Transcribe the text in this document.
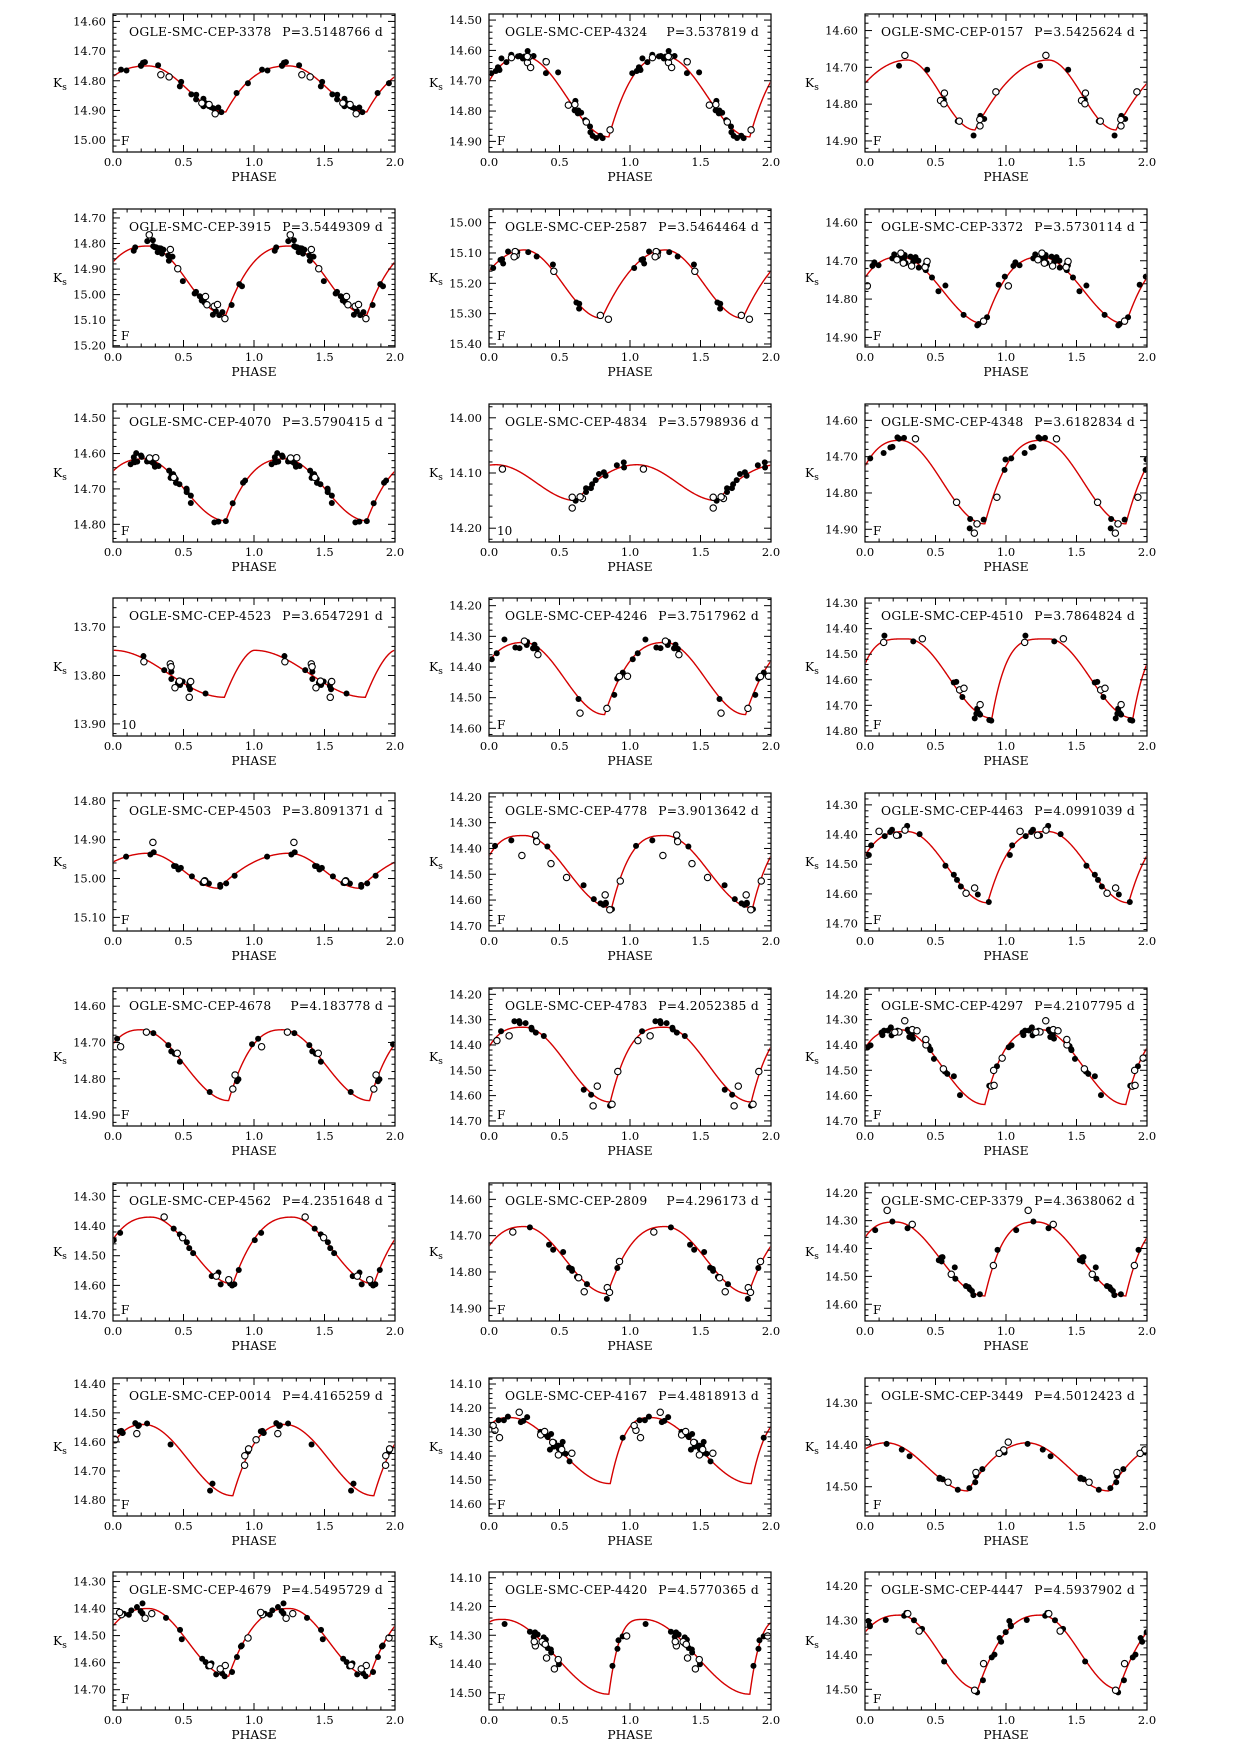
0.0	0.5	1.0	1.5	2.0
14.60
14.70
14.80
14.90
15.00
PHASE
$K_s$
OGLE-SMC-CEP-3378 P=3.5148766 d
F
0.0	0.5	1.0	1.5	2.0
14.50
14.60
14.70
14.80
14.90
PHASE
$K_s$
OGLE-SMC-CEP-4324 P=3.537819 d
F
0.0	0.5	1.0	1.5	2.0
14.60
14.70
14.80
14.90
PHASE
$K_s$
OGLE-SMC-CEP-0157 P=3.5425624 d
F
0.0	0.5	1.0	1.5	2.0
14.70
14.80
14.90
15.00
15.10
15.20
PHASE
$K_s$
OGLE-SMC-CEP-3915 P=3.5449309 d
F
0.0	0.5	1.0	1.5	2.0
15.00
15.10
15.20
15.30
15.40
PHASE
$K_s$
OGLE-SMC-CEP-2587 P=3.5464464 d
F
0.0	0.5	1.0	1.5	2.0
14.60
14.70
14.80
14.90
PHASE
$K_s$
OGLE-SMC-CEP-3372 P=3.5730114 d
F
0.0	0.5	1.0	1.5	2.0
14.50
14.60
14.70
14.80
PHASE
$K_s$
OGLE-SMC-CEP-4070 P=3.5790415 d
F
0.0	0.5	1.0	1.5	2.0
14.00
14.10
14.20
PHASE
$K_s$
OGLE-SMC-CEP-4834 P=3.5798936 d
10
0.0	0.5	1.0	1.5	2.0
14.60
14.70
14.80
14.90
PHASE
$K_s$
OGLE-SMC-CEP-4348 P=3.6182834 d
F
0.0	0.5	1.0	1.5	2.0
13.70
13.80
13.90
PHASE
$K_s$
OGLE-SMC-CEP-4523 P=3.6547291 d
10
0.0	0.5	1.0	1.5	2.0
14.20
14.30
14.40
14.50
14.60
PHASE
$K_s$
OGLE-SMC-CEP-4246 P=3.7517962 d
F
0.0	0.5	1.0	1.5	2.0
14.30
14.40
14.50
14.60
14.70
14.80
PHASE
$K_s$
OGLE-SMC-CEP-4510 P=3.7864824 d
F
0.0	0.5	1.0	1.5	2.0
14.80
14.90
15.00
15.10
PHASE
$K_s$
OGLE-SMC-CEP-4503 P=3.8091371 d
F
0.0	0.5	1.0	1.5	2.0
14.20
14.30
14.40
14.50
14.60
14.70
PHASE
$K_s$
OGLE-SMC-CEP-4778 P=3.9013642 d
F
0.0	0.5	1.0	1.5	2.0
14.30
14.40
14.50
14.60
14.70
PHASE
$K_s$
OGLE-SMC-CEP-4463 P=4.0991039 d
F
0.0	0.5	1.0	1.5	2.0
14.60
14.70
14.80
14.90
PHASE
$K_s$
OGLE-SMC-CEP-4678 P=4.183778 d
F
0.0	0.5	1.0	1.5	2.0
14.20
14.30
14.40
14.50
14.60
14.70
PHASE
$K_s$
OGLE-SMC-CEP-4783 P=4.2052385 d
F
0.0	0.5	1.0	1.5	2.0
14.20
14.30
14.40
14.50
14.60
14.70
PHASE
$K_s$
OGLE-SMC-CEP-4297 P=4.2107795 d
F
0.0	0.5	1.0	1.5	2.0
14.30
14.40
14.50
14.60
14.70
PHASE
$K_s$
OGLE-SMC-CEP-4562 P=4.2351648 d
F
0.0	0.5	1.0	1.5	2.0
14.60
14.70
14.80
14.90
PHASE
$K_s$
OGLE-SMC-CEP-2809 P=4.296173 d
F
0.0	0.5	1.0	1.5	2.0
14.20
14.30
14.40
14.50
14.60
PHASE
$K_s$
OGLE-SMC-CEP-3379 P=4.3638062 d
F
0.0	0.5	1.0	1.5	2.0
14.40
14.50
14.60
14.70
14.80
PHASE
$K_s$
OGLE-SMC-CEP-0014 P=4.4165259 d
F
0.0	0.5	1.0	1.5	2.0
14.10
14.20
14.30
14.40
14.50
14.60
PHASE
$K_s$
OGLE-SMC-CEP-4167 P=4.4818913 d
F
0.0	0.5	1.0	1.5	2.0
14.30
14.40
14.50
PHASE
$K_s$
OGLE-SMC-CEP-3449 P=4.5012423 d
F
0.0	0.5	1.0	1.5	2.0
14.30
14.40
14.50
14.60
14.70
PHASE
$K_s$
OGLE-SMC-CEP-4679 P=4.5495729 d
F
0.0	0.5	1.0	1.5	2.0
14.10
14.20
14.30
14.40
14.50
PHASE
$K_s$
OGLE-SMC-CEP-4420 P=4.5770365 d
F
0.0	0.5	1.0	1.5	2.0
14.20
14.30
14.40
14.50
PHASE
$K_s$
OGLE-SMC-CEP-4447 P=4.5937902 d
F
